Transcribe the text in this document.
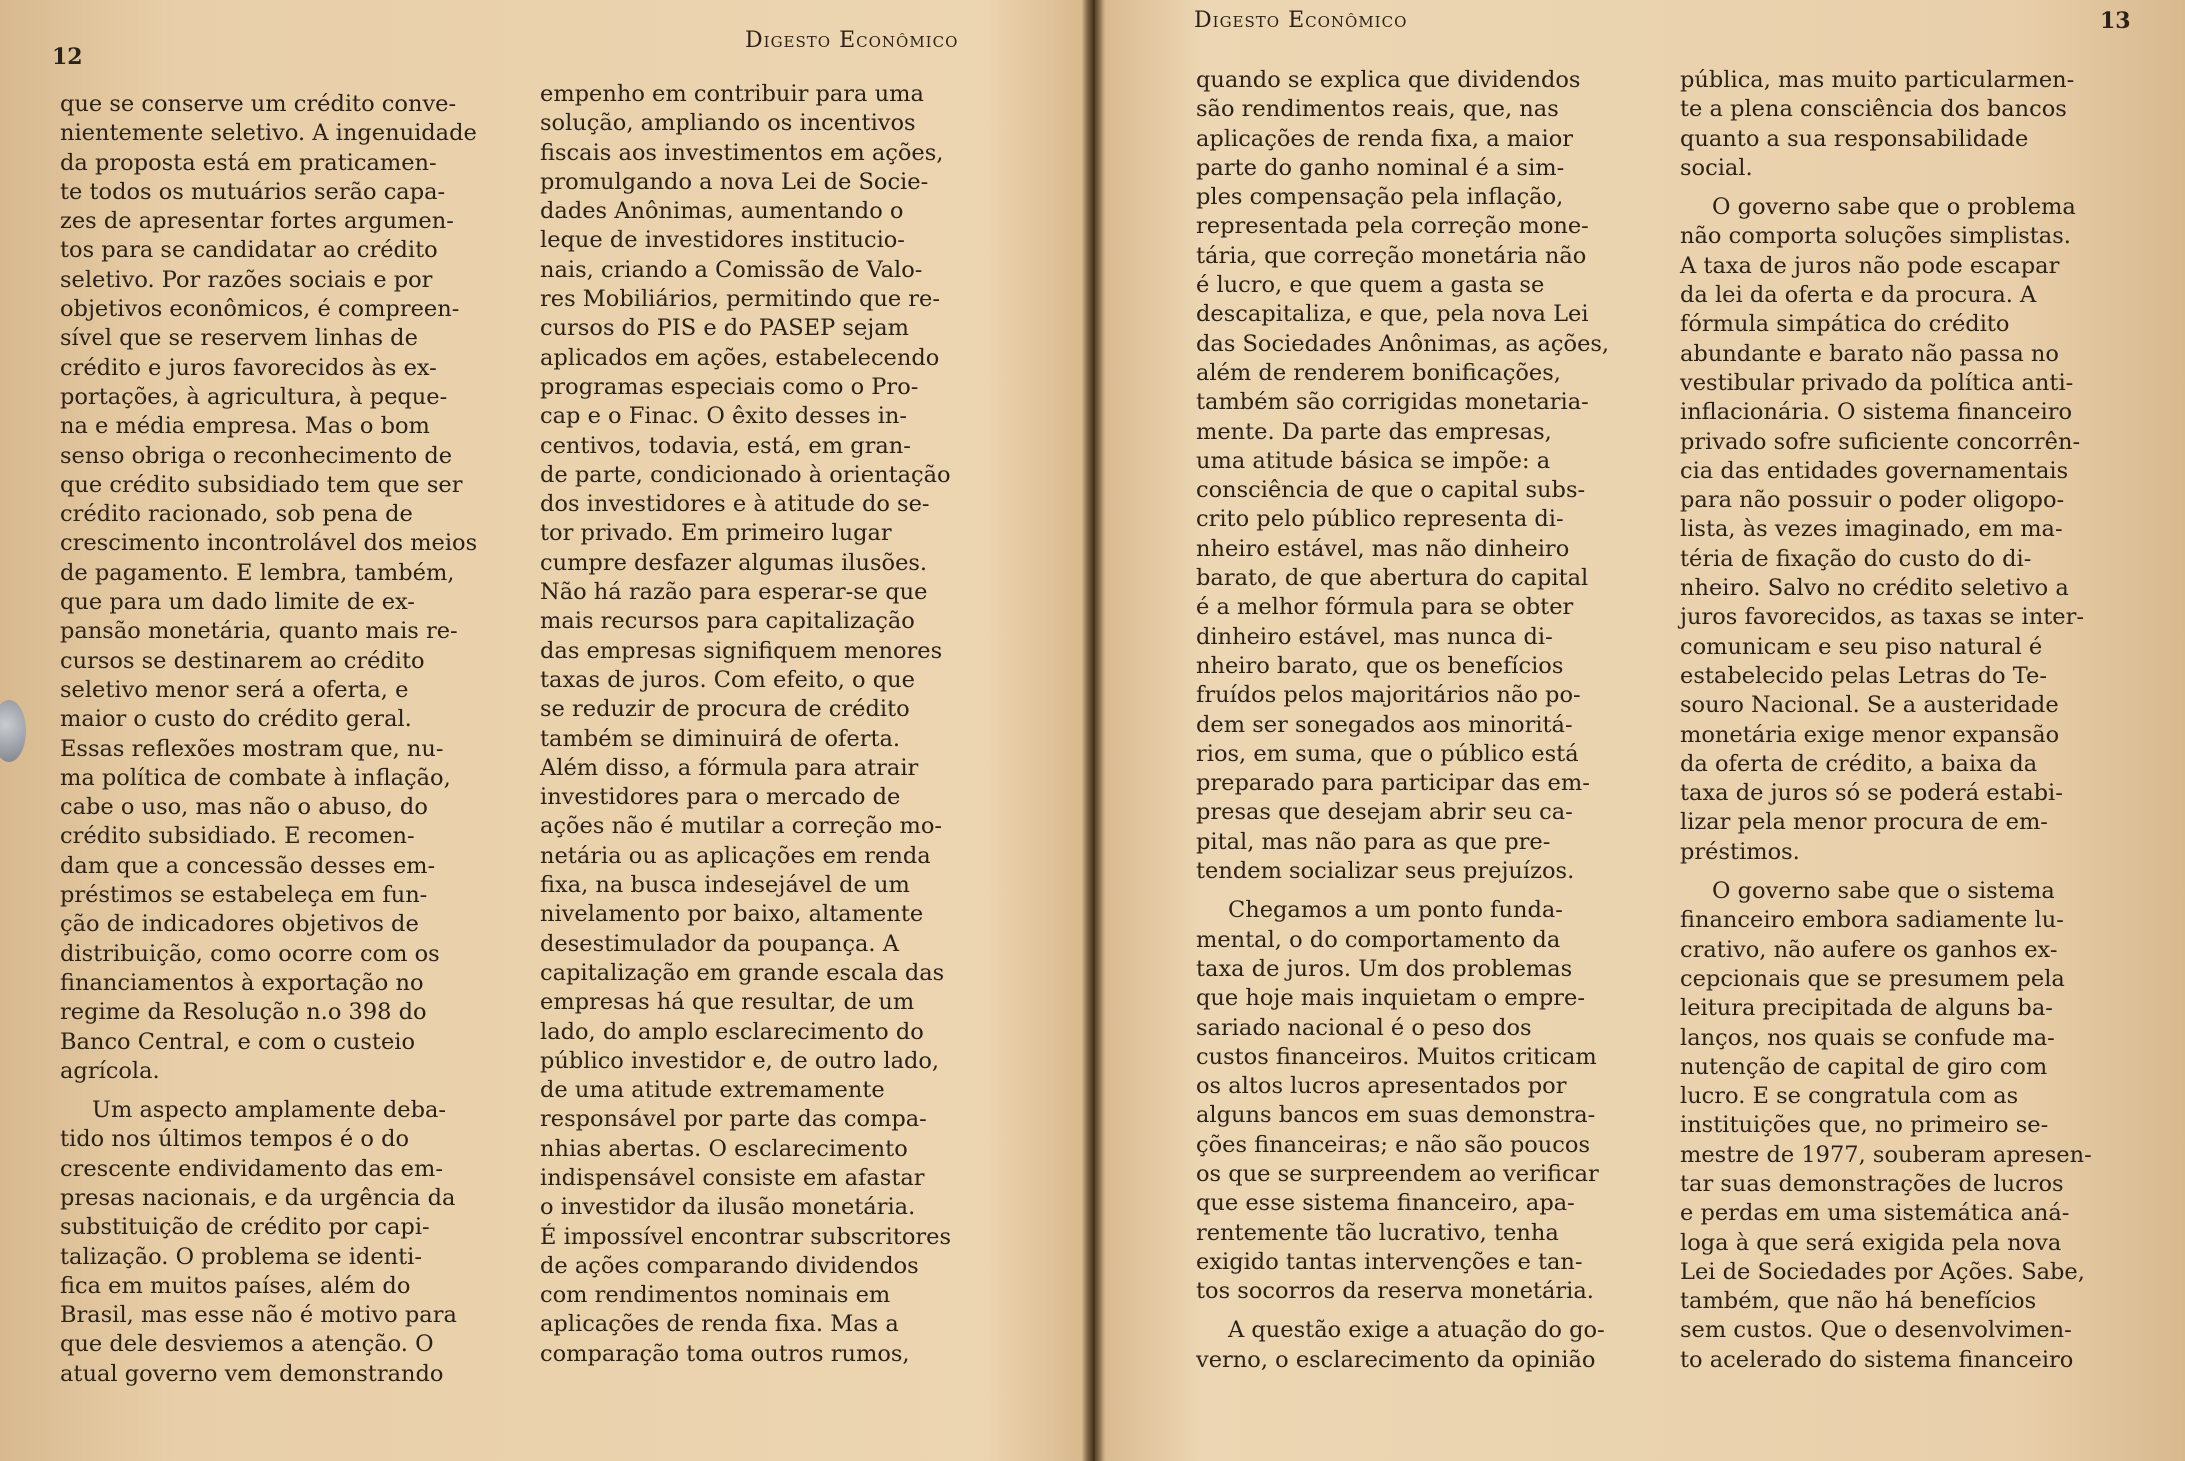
12
Digesto Econômico

que se conserve um crédito conve-
nientemente seletivo. A ingenuidade
da proposta está em praticamen-
te todos os mutuários serão capa-
zes de apresentar fortes argumen-
tos para se candidatar ao crédito
seletivo. Por razões sociais e por
objetivos econômicos, é compreen-
sível que se reservem linhas de
crédito e juros favorecidos às ex-
portações, à agricultura, à peque-
na e média empresa. Mas o bom
senso obriga o reconhecimento de
que crédito subsidiado tem que ser
crédito racionado, sob pena de
crescimento incontrolável dos meios
de pagamento. E lembra, também,
que para um dado limite de ex-
pansão monetária, quanto mais re-
cursos se destinarem ao crédito
seletivo menor será a oferta, e
maior o custo do crédito geral.
Essas reflexões mostram que, nu-
ma política de combate à inflação,
cabe o uso, mas não o abuso, do
crédito subsidiado. E recomen-
dam que a concessão desses em-
préstimos se estabeleça em fun-
ção de indicadores objetivos de
distribuição, como ocorre com os
financiamentos à exportação no
regime da Resolução n.o 398 do
Banco Central, e com o custeio
agrícola.

Um aspecto amplamente deba-
tido nos últimos tempos é o do
crescente endividamento das em-
presas nacionais, e da urgência da
substituição de crédito por capi-
talização. O problema se identi-
fica em muitos países, além do
Brasil, mas esse não é motivo para
que dele desviemos a atenção. O
atual governo vem demonstrando

empenho em contribuir para uma
solução, ampliando os incentivos
fiscais aos investimentos em ações,
promulgando a nova Lei de Socie-
dades Anônimas, aumentando o
leque de investidores institucio-
nais, criando a Comissão de Valo-
res Mobiliários, permitindo que re-
cursos do PIS e do PASEP sejam
aplicados em ações, estabelecendo
programas especiais como o Pro-
cap e o Finac. O êxito desses in-
centivos, todavia, está, em gran-
de parte, condicionado à orientação
dos investidores e à atitude do se-
tor privado. Em primeiro lugar
cumpre desfazer algumas ilusões.
Não há razão para esperar-se que
mais recursos para capitalização
das empresas signifiquem menores
taxas de juros. Com efeito, o que
se reduzir de procura de crédito
também se diminuirá de oferta.
Além disso, a fórmula para atrair
investidores para o mercado de
ações não é mutilar a correção mo-
netária ou as aplicações em renda
fixa, na busca indesejável de um
nivelamento por baixo, altamente
desestimulador da poupança. A
capitalização em grande escala das
empresas há que resultar, de um
lado, do amplo esclarecimento do
público investidor e, de outro lado,
de uma atitude extremamente
responsável por parte das compa-
nhias abertas. O esclarecimento
indispensável consiste em afastar
o investidor da ilusão monetária.
É impossível encontrar subscritores
de ações comparando dividendos
com rendimentos nominais em
aplicações de renda fixa. Mas a
comparação toma outros rumos,

Digesto Econômico	13

quando se explica que dividendos
são rendimentos reais, que, nas
aplicações de renda fixa, a maior
parte do ganho nominal é a sim-
ples compensação pela inflação,
representada pela correção mone-
tária, que correção monetária não
é lucro, e que quem a gasta se
descapitaliza, e que, pela nova Lei
das Sociedades Anônimas, as ações,
além de renderem bonificações,
também são corrigidas monetaria-
mente. Da parte das empresas,
uma atitude básica se impõe: a
consciência de que o capital subs-
crito pelo público representa di-
nheiro estável, mas não dinheiro
barato, de que abertura do capital
é a melhor fórmula para se obter
dinheiro estável, mas nunca di-
nheiro barato, que os benefícios
fruídos pelos majoritários não po-
dem ser sonegados aos minoritá-
rios, em suma, que o público está
preparado para participar das em-
presas que desejam abrir seu ca-
pital, mas não para as que pre-
tendem socializar seus prejuízos.

Chegamos a um ponto funda-
mental, o do comportamento da
taxa de juros. Um dos problemas
que hoje mais inquietam o empre-
sariado nacional é o peso dos
custos financeiros. Muitos criticam
os altos lucros apresentados por
alguns bancos em suas demonstra-
ções financeiras; e não são poucos
os que se surpreendem ao verificar
que esse sistema financeiro, apa-
rentemente tão lucrativo, tenha
exigido tantas intervenções e tan-
tos socorros da reserva monetária.

A questão exige a atuação do go-
verno, o esclarecimento da opinião

pública, mas muito particularmen-
te a plena consciência dos bancos
quanto a sua responsabilidade
social.

O governo sabe que o problema
não comporta soluções simplistas.
A taxa de juros não pode escapar
da lei da oferta e da procura. A
fórmula simpática do crédito
abundante e barato não passa no
vestibular privado da política anti-
inflacionária. O sistema financeiro
privado sofre suficiente concorrên-
cia das entidades governamentais
para não possuir o poder oligopo-
lista, às vezes imaginado, em ma-
téria de fixação do custo do di-
nheiro. Salvo no crédito seletivo a
juros favorecidos, as taxas se inter-
comunicam e seu piso natural é
estabelecido pelas Letras do Te-
souro Nacional. Se a austeridade
monetária exige menor expansão
da oferta de crédito, a baixa da
taxa de juros só se poderá estabi-
lizar pela menor procura de em-
préstimos.

O governo sabe que o sistema
financeiro embora sadiamente lu-
crativo, não aufere os ganhos ex-
cepcionais que se presumem pela
leitura precipitada de alguns ba-
lanços, nos quais se confude ma-
nutenção de capital de giro com
lucro. E se congratula com as
instituições que, no primeiro se-
mestre de 1977, souberam apresen-
tar suas demonstrações de lucros
e perdas em uma sistemática aná-
loga à que será exigida pela nova
Lei de Sociedades por Ações. Sabe,
também, que não há benefícios
sem custos. Que o desenvolvimen-
to acelerado do sistema financeiro
